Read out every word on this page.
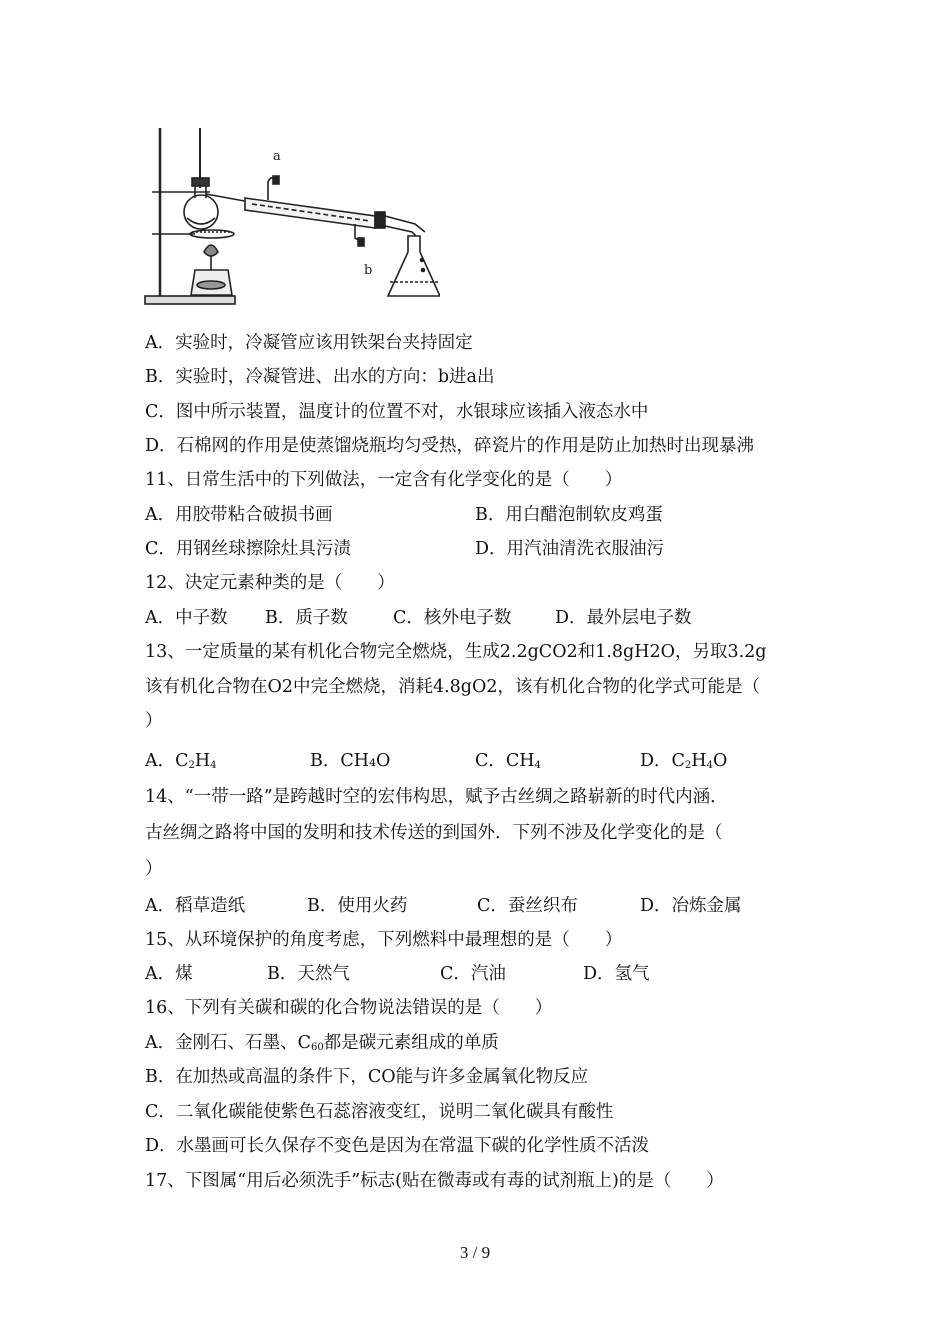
a
b
A．实验时，冷凝管应该用铁架台夹持固定
B．实验时，冷凝管进、出水的方向：b进a出
C．图中所示装置，温度计的位置不对，水银球应该插入液态水中
D．石棉网的作用是使蒸馏烧瓶均匀受热，碎瓷片的作用是防止加热时出现暴沸
11、日常生活中的下列做法，一定含有化学变化的是（　　）
A．用胶带粘合破损书画	B．用白醋泡制软皮鸡蛋
C．用钢丝球擦除灶具污渍	D．用汽油清洗衣服油污
12、决定元素种类的是（　　）
A．中子数 B．质子数	C．核外电子数 D．最外层电子数
13、一定质量的某有机化合物完全燃烧，生成2.2gCO2和1.8gH2O，另取3.2g
该有机化合物在O2中完全燃烧，消耗4.8gO2，该有机化合物的化学式可能是（
）
A．$C_2H_4$	B．CH₄O	C．$CH_4$	D．$C_2H_4O$
14、“一带一路”是跨越时空的宏伟构思，赋予古丝绸之路崭新的时代内涵．
古丝绸之路将中国的发明和技术传送的到国外．下列不涉及化学变化的是（
）
A．稻草造纸	B．使用火药	C．蚕丝织布	D．冶炼金属
15、从环境保护的角度考虑，下列燃料中最理想的是（　　）
A．煤	B．天然气	C．汽油	D．氢气
16、下列有关碳和碳的化合物说法错误的是（　　）
A．金刚石、石墨、$C_{60}$都是碳元素组成的单质
B．在加热或高温的条件下，CO能与许多金属氧化物反应
C．二氧化碳能使紫色石蕊溶液变红，说明二氧化碳具有酸性
D．水墨画可长久保存不变色是因为在常温下碳的化学性质不活泼
17、下图属“用后必须洗手”标志(贴在微毒或有毒的试剂瓶上)的是（　　）
3 / 9
